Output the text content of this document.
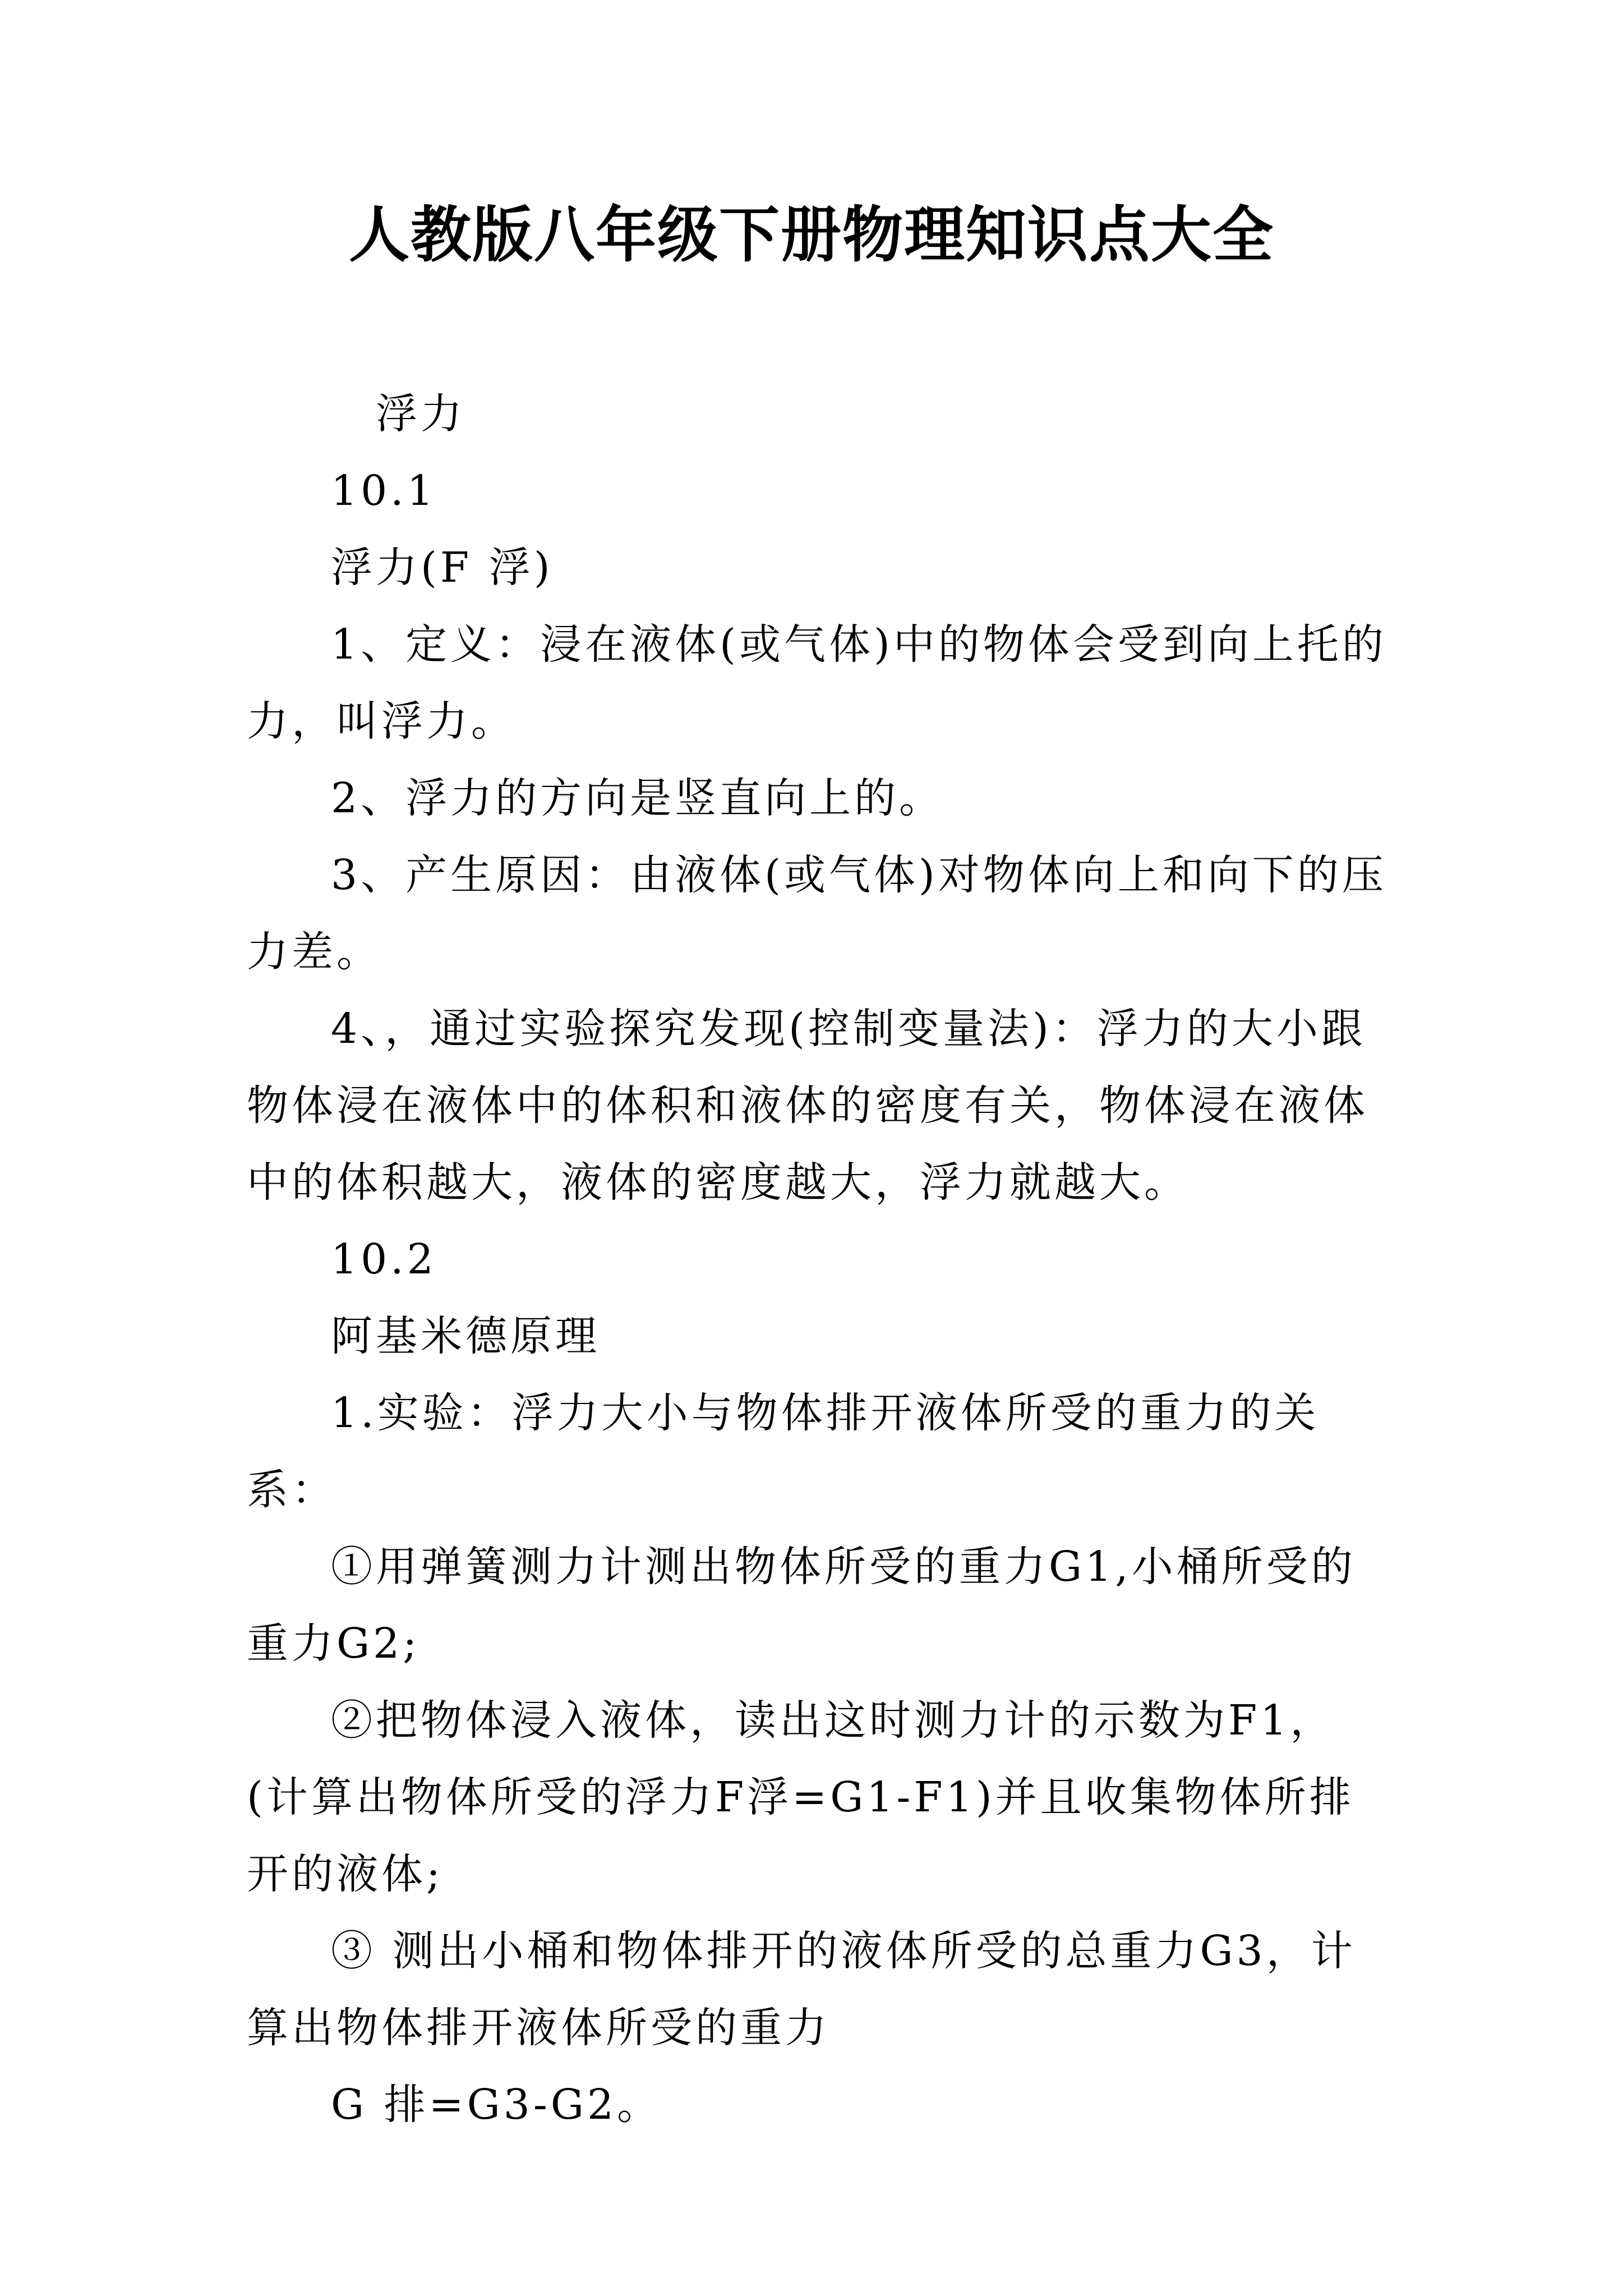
人教版八年级下册物理知识点大全

浮力

10.1

浮力(F 浮)

1、定义：浸在液体(或气体)中的物体会受到向上托的力，叫浮力。

2、浮力的方向是竖直向上的。

3、产生原因：由液体(或气体)对物体向上和向下的压力差。

4、，通过实验探究发现(控制变量法)：浮力的大小跟物体浸在液体中的体积和液体的密度有关，物体浸在液体中的体积越大，液体的密度越大，浮力就越大。

10.2

阿基米德原理

1.实验：浮力大小与物体排开液体所受的重力的关系：

①用弹簧测力计测出物体所受的重力G1,小桶所受的重力G2;

②把物体浸入液体，读出这时测力计的示数为F1，(计算出物体所受的浮力F浮=G1-F1)并且收集物体所排开的液体;

③ 测出小桶和物体排开的液体所受的总重力G3，计算出物体排开液体所受的重力

G 排=G3-G2。
